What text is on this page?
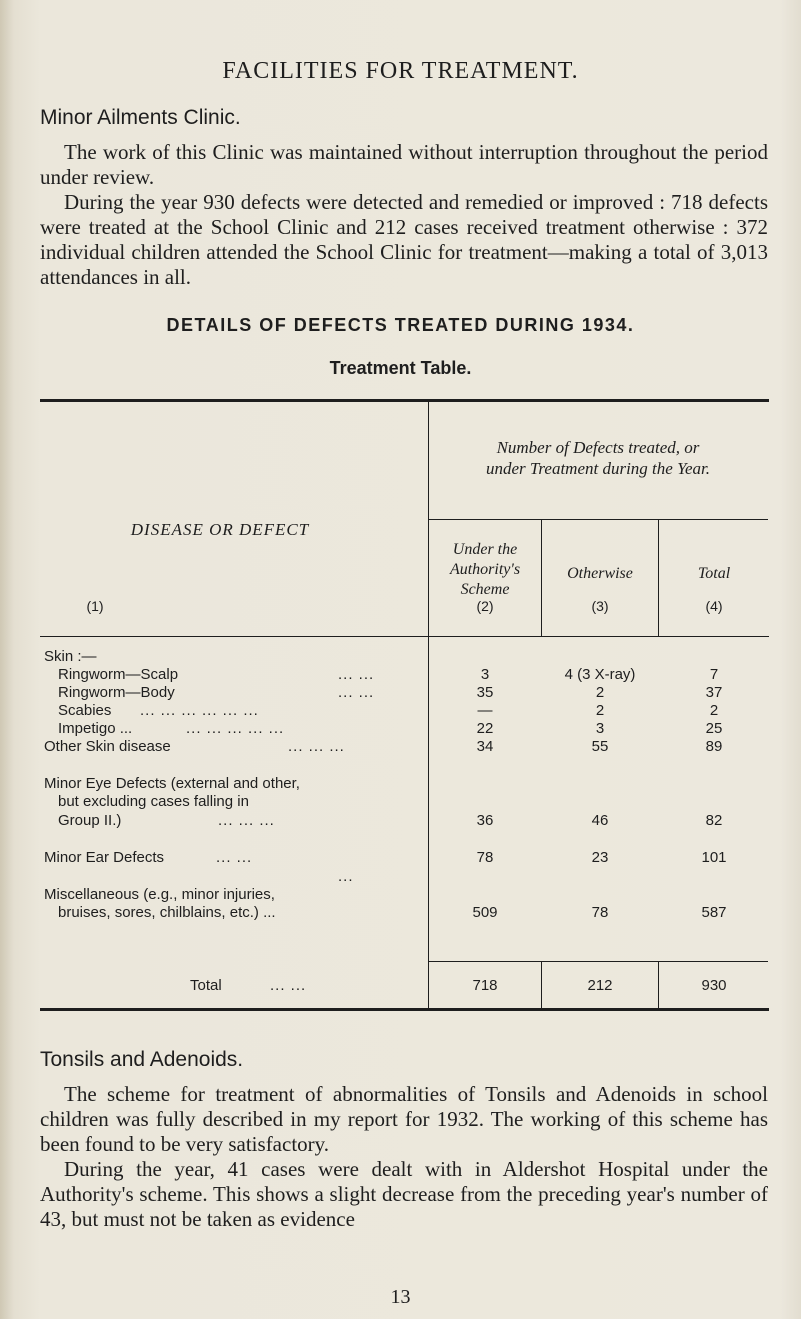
FACILITIES FOR TREATMENT.
Minor Ailments Clinic.

The work of this Clinic was maintained without interruption throughout the period under review.

During the year 930 defects were detected and remedied or improved : 718 defects were treated at the School Clinic and 212 cases received treatment otherwise : 372 individual children attended the School Clinic for treatment—making a total of 3,013 attendances in all.

DETAILS OF DEFECTS TREATED DURING 1934.
Treatment Table.
DISEASE OR DEFECT
(1)
Number of Defects treated, or
under Treatment during the Year.
Under the
Authority's
Scheme
(2)
Otherwise
(3)
Total
(4)
Skin :—
Ringworm—Scalp	... ...	3	4 (3 X-ray)	7
Ringworm—Body	... ...	35	2	37
Scabies	... ... ... ... ... ...	—	2	2
Impetigo ...	... ... ... ... ...	22	3	25
Other Skin disease	... ... ...	34	55	89
Minor Eye Defects (external and other,
but excluding cases falling in
Group II.)	... ... ...	36	46	82
Minor Ear Defects	... ...	78	23	101
...
Miscellaneous (e.g., minor injuries,
bruises, sores, chilblains, etc.) ...	509	78	587
Total	... ...	718	212	930
Tonsils and Adenoids.

The scheme for treatment of abnormalities of Tonsils and Adenoids in school children was fully described in my report for 1932. The working of this scheme has been found to be very satisfactory.

During the year, 41 cases were dealt with in Aldershot Hospital under the Authority's scheme. This shows a slight decrease from the preceding year's number of 43, but must not be taken as evidence

13
